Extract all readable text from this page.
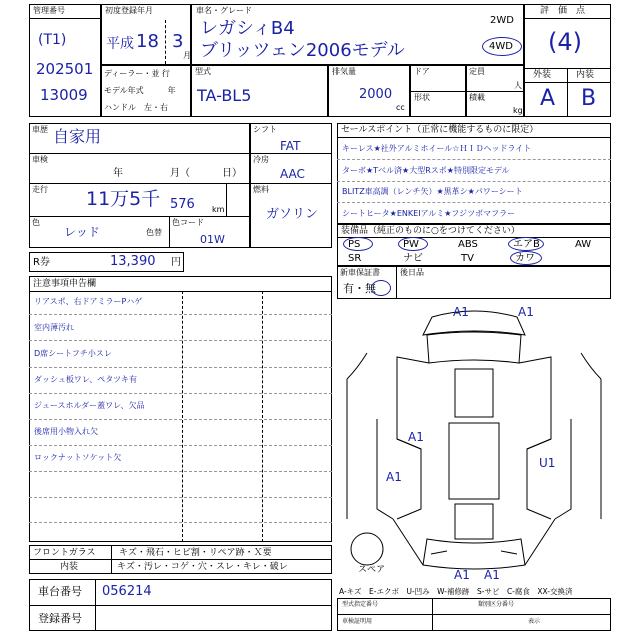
管理番号
(T1)
202501
13009
初度登録年月
平成 18 3
月
車名・グレード
レガシィB4
ブリッツェン2006モデル
2WD
4WD
評　価　点
(4)
外装	内装
A B
ディーラー・並 行
モデル年式　　　年
ハンドル　左・右
型式
TA-BL5
排気量
2000
cc
ドア
形状
定員
人
積載
kg
車歴 自家用
車検
年	月（	日）
走行 11万5千 576 km
色
レッド	色替
色コード
01W
シフト
FAT
冷房
AAC
燃料
ガソリン
セールスポイント（正常に機能するものに限定）
キーレス★社外アルミホイール☆ＨＩＤヘッドライト
ターボ★Tベル済★大型Rスポ★特別限定モデル
BLITZ車高調（レンチ矢）★黒革シ★パワーシート
シートヒータ★ENKEIアルミ★フジツボマフラー
装備品（純正のものに○をつけてください）
PS	PW	ABS	エアB	AW
SR	ナビ	TV	カワ
新車保証書
有・無
後日品
R券	13,390 円
注意事項申告欄
リアスポ、右ドアミラーPハゲ
室内薄汚れ
D席シートフチ小スレ
ダッシュ板ワレ、ペタツキ有
ジュースホルダー蓋ワレ、欠品
後席用小物入れ欠
ロックナットソケット欠
フロントガラス	キズ・飛石・ヒビ割・リペア跡・Ｘ要
内装	キズ・汚レ・コゲ・穴・スレ・キレ・破レ
車台番号 056214
登録番号
A1	A1
A1
U1
A1
A1 A1
スペア
A-キズ　E-エクボ　U-凹み　W-補修跡　S-サビ　C-腐食　XX-交換済
型式指定番号	類別区分番号
車検証明用	表示
